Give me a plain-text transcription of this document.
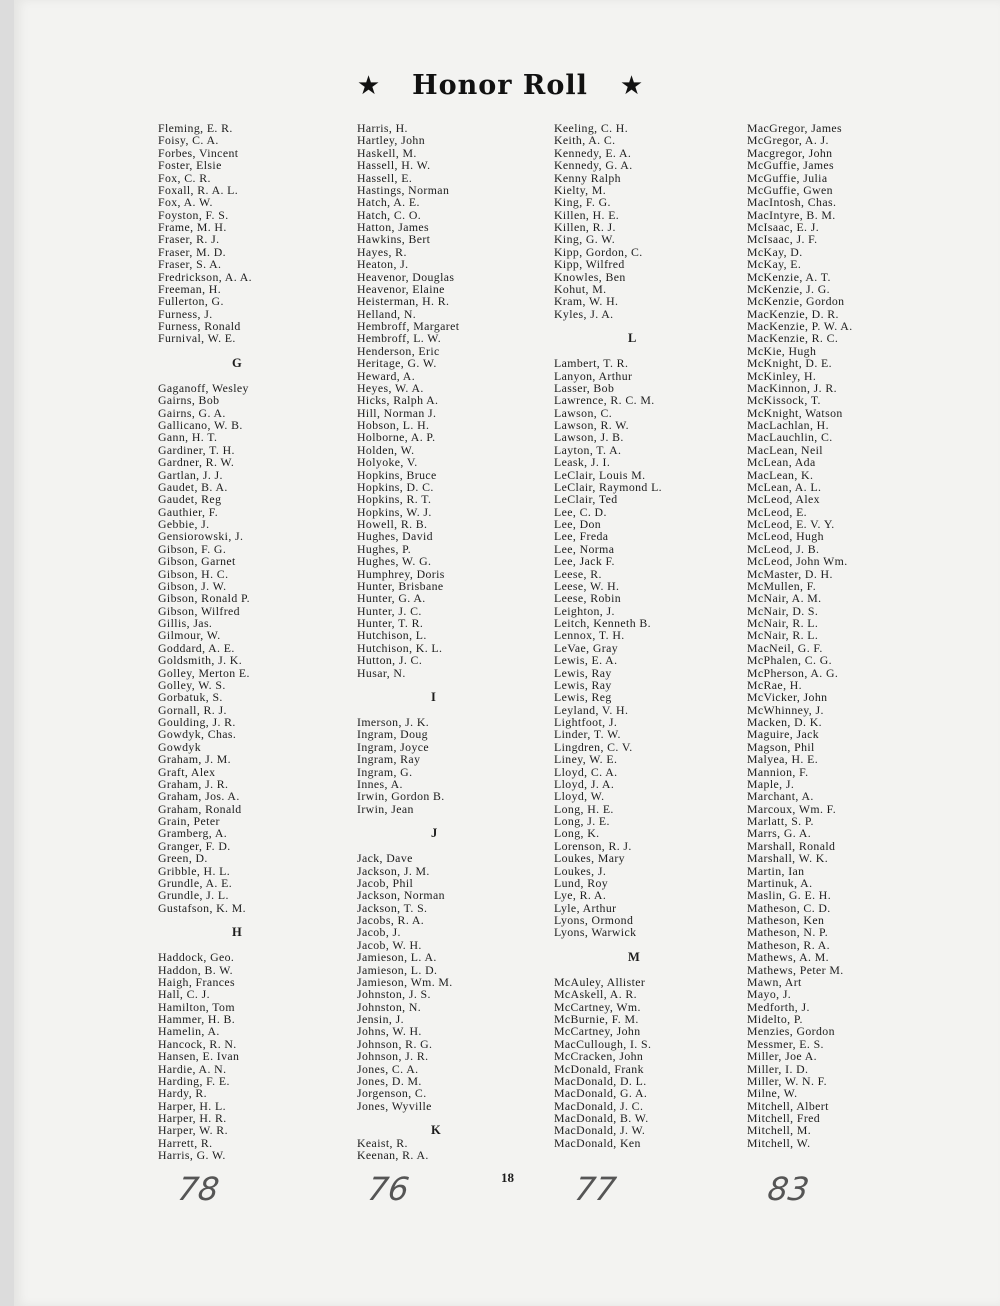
★ Honor Roll ★
Fleming, E. R.
Foisy, C. A.
Forbes, Vincent
Foster, Elsie
Fox, C. R.
Foxall, R. A. L.
Fox, A. W.
Foyston, F. S.
Frame, M. H.
Fraser, R. J.
Fraser, M. D.
Fraser, S. A.
Fredrickson, A. A.
Freeman, H.
Fullerton, G.
Furness, J.
Furness, Ronald
Furnival, W. E.
G
Gaganoff, Wesley
Gairns, Bob
Gairns, G. A.
Gallicano, W. B.
Gann, H. T.
Gardiner, T. H.
Gardner, R. W.
Gartlan, J. J.
Gaudet, B. A.
Gaudet, Reg
Gauthier, F.
Gebbie, J.
Gensiorowski, J.
Gibson, F. G.
Gibson, Garnet
Gibson, H. C.
Gibson, J. W.
Gibson, Ronald P.
Gibson, Wilfred
Gillis, Jas.
Gilmour, W.
Goddard, A. E.
Goldsmith, J. K.
Golley, Merton E.
Golley, W. S.
Gorbatuk, S.
Gornall, R. J.
Goulding, J. R.
Gowdyk, Chas.
Gowdyk
Graham, J. M.
Graft, Alex
Graham, J. R.
Graham, Jos. A.
Graham, Ronald
Grain, Peter
Gramberg, A.
Granger, F. D.
Green, D.
Gribble, H. L.
Grundle, A. E.
Grundle, J. L.
Gustafson, K. M.
H
Haddock, Geo.
Haddon, B. W.
Haigh, Frances
Hall, C. J.
Hamilton, Tom
Hammer, H. B.
Hamelin, A.
Hancock, R. N.
Hansen, E. Ivan
Hardie, A. N.
Harding, F. E.
Hardy, R.
Harper, H. L.
Harper, H. R.
Harper, W. R.
Harrett, R.
Harris, G. W.
Harris, H.
Hartley, John
Haskell, M.
Hassell, H. W.
Hassell, E.
Hastings, Norman
Hatch, A. E.
Hatch, C. O.
Hatton, James
Hawkins, Bert
Hayes, R.
Heaton, J.
Heavenor, Douglas
Heavenor, Elaine
Heisterman, H. R.
Helland, N.
Hembroff, Margaret
Hembroff, L. W.
Henderson, Eric
Heritage, G. W.
Heward, A.
Heyes, W. A.
Hicks, Ralph A.
Hill, Norman J.
Hobson, L. H.
Holborne, A. P.
Holden, W.
Holyoke, V.
Hopkins, Bruce
Hopkins, D. C.
Hopkins, R. T.
Hopkins, W. J.
Howell, R. B.
Hughes, David
Hughes, P.
Hughes, W. G.
Humphrey, Doris
Hunter, Brisbane
Hunter, G. A.
Hunter, J. C.
Hunter, T. R.
Hutchison, L.
Hutchison, K. L.
Hutton, J. C.
Husar, N.
I
Imerson, J. K.
Ingram, Doug
Ingram, Joyce
Ingram, Ray
Ingram, G.
Innes, A.
Irwin, Gordon B.
Irwin, Jean
J
Jack, Dave
Jackson, J. M.
Jacob, Phil
Jackson, Norman
Jackson, T. S.
Jacobs, R. A.
Jacob, J.
Jacob, W. H.
Jamieson, L. A.
Jamieson, L. D.
Jamieson, Wm. M.
Johnston, J. S.
Johnston, N.
Jensin, J.
Johns, W. H.
Johnson, R. G.
Johnson, J. R.
Jones, C. A.
Jones, D. M.
Jorgenson, C.
Jones, Wyville
K
Keaist, R.
Keenan, R. A.
Keeling, C. H.
Keith, A. C.
Kennedy, E. A.
Kennedy, G. A.
Kenny Ralph
Kielty, M.
King, F. G.
Killen, H. E.
Killen, R. J.
King, G. W.
Kipp, Gordon, C.
Kipp, Wilfred
Knowles, Ben
Kohut, M.
Kram, W. H.
Kyles, J. A.
L
Lambert, T. R.
Lanyon, Arthur
Lasser, Bob
Lawrence, R. C. M.
Lawson, C.
Lawson, R. W.
Lawson, J. B.
Layton, T. A.
Leask, J. I.
LeClair, Louis M.
LeClair, Raymond L.
LeClair, Ted
Lee, C. D.
Lee, Don
Lee, Freda
Lee, Norma
Lee, Jack F.
Leese, R.
Leese, W. H.
Leese, Robin
Leighton, J.
Leitch, Kenneth B.
Lennox, T. H.
LeVae, Gray
Lewis, E. A.
Lewis, Ray
Lewis, Ray
Lewis, Reg
Leyland, V. H.
Lightfoot, J.
Linder, T. W.
Lingdren, C. V.
Liney, W. E.
Lloyd, C. A.
Lloyd, J. A.
Lloyd, W.
Long, H. E.
Long, J. E.
Long, K.
Lorenson, R. J.
Loukes, Mary
Loukes, J.
Lund, Roy
Lye, R. A.
Lyle, Arthur
Lyons, Ormond
Lyons, Warwick
M
McAuley, Allister
McAskell, A. R.
McCartney, Wm.
McBurnie, F. M.
McCartney, John
MacCullough, I. S.
McCracken, John
McDonald, Frank
MacDonald, D. L.
MacDonald, G. A.
MacDonald, J. C.
MacDonald, B. W.
MacDonald, J. W.
MacDonald, Ken
MacGregor, James
McGregor, A. J.
Macgregor, John
McGuffie, James
McGuffie, Julia
McGuffie, Gwen
MacIntosh, Chas.
MacIntyre, B. M.
McIsaac, E. J.
McIsaac, J. F.
McKay, D.
McKay, E.
McKenzie, A. T.
McKenzie, J. G.
McKenzie, Gordon
MacKenzie, D. R.
MacKenzie, P. W. A.
MacKenzie, R. C.
McKie, Hugh
McKnight, D. E.
McKinley, H.
MacKinnon, J. R.
McKissock, T.
McKnight, Watson
MacLachlan, H.
MacLauchlin, C.
MacLean, Neil
McLean, Ada
MacLean, K.
McLean, A. L.
McLeod, Alex
McLeod, E.
McLeod, E. V. Y.
McLeod, Hugh
McLeod, J. B.
McLeod, John Wm.
McMaster, D. H.
McMullen, F.
McNair, A. M.
McNair, D. S.
McNair, R. L.
McNair, R. L.
MacNeil, G. F.
McPhalen, C. G.
McPherson, A. G.
McRae, H.
McVicker, John
McWhinney, J.
Macken, D. K.
Maguire, Jack
Magson, Phil
Malyea, H. E.
Mannion, F.
Maple, J.
Marchant, A.
Marcoux, Wm. F.
Marlatt, S. P.
Marrs, G. A.
Marshall, Ronald
Marshall, W. K.
Martin, Ian
Martinuk, A.
Maslin, G. E. H.
Matheson, C. D.
Matheson, Ken
Matheson, N. P.
Matheson, R. A.
Mathews, A. M.
Mathews, Peter M.
Mawn, Art
Mayo, J.
Medforth, J.
Midelto, P.
Menzies, Gordon
Messmer, E. S.
Miller, Joe A.
Miller, I. D.
Miller, W. N. F.
Milne, W.
Mitchell, Albert
Mitchell, Fred
Mitchell, M.
Mitchell, W.
18
78	76	77	83
